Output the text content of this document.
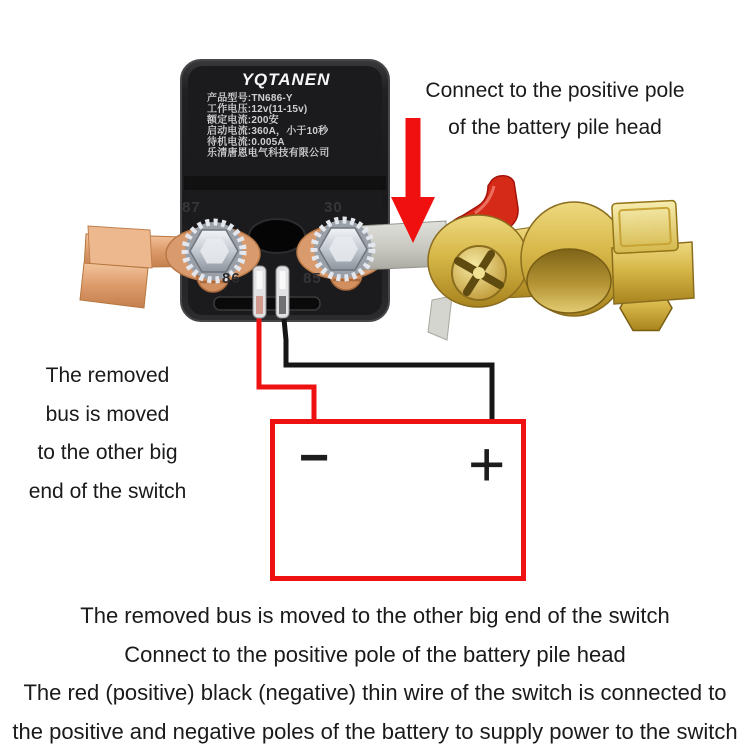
YQTANEN
产品型号:TN686-Y
工作电压:12v(11-15v)
额定电流:200安
启动电流:360A，小于10秒
待机电流:0.005A
乐清唐恩电气科技有限公司
87	30
86	85
Connect to the positive pole
of the battery pile head
The removed
bus is moved
to the other big
end of the switch
− +
The removed bus is moved to the other big end of the switch
Connect to the positive pole of the battery pile head
The red (positive) black (negative) thin wire of the switch is connected to
the positive and negative poles of the battery to supply power to the switch
